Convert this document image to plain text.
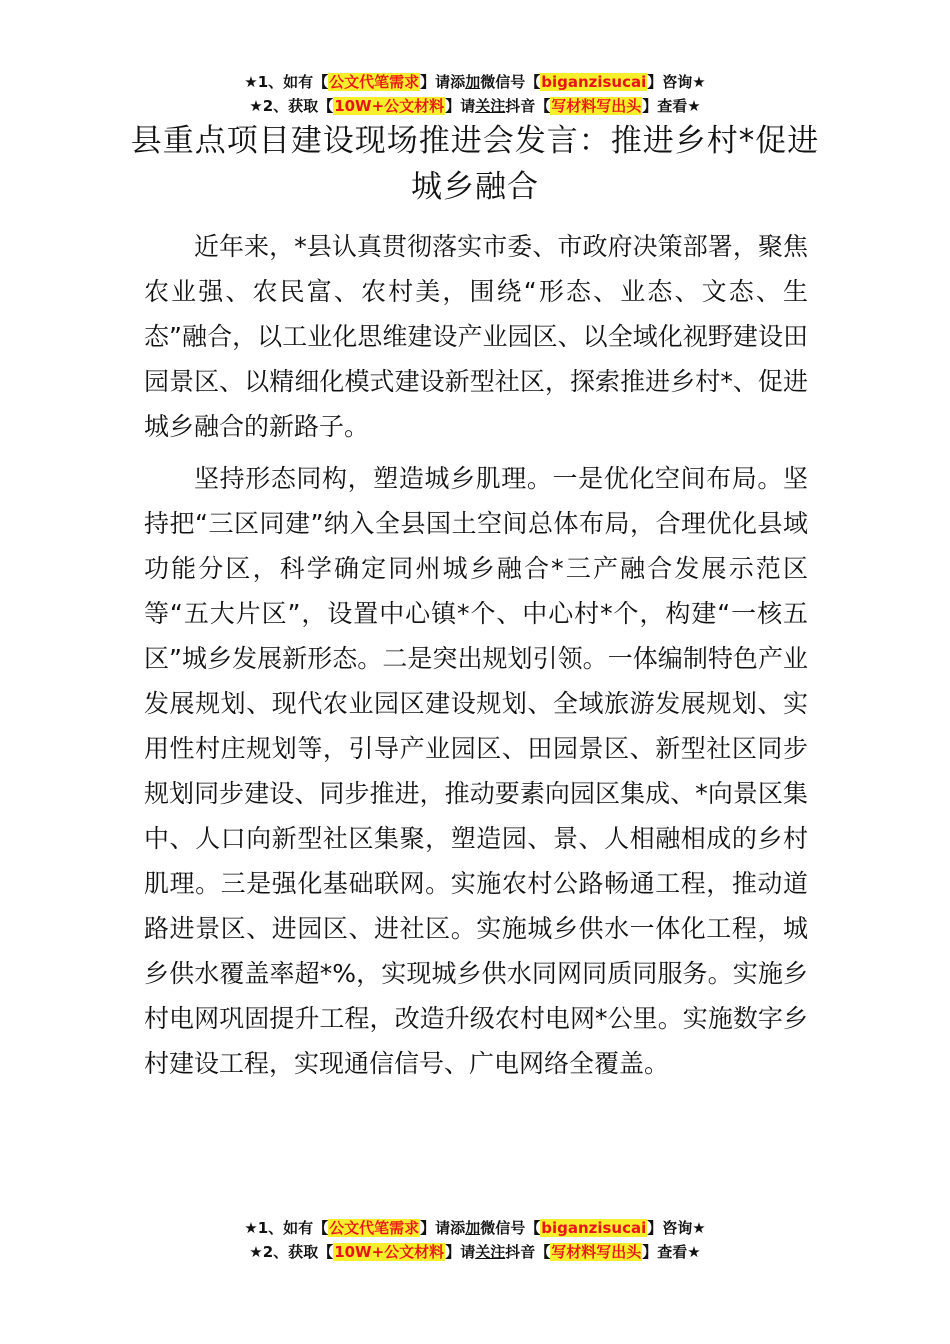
★1、如有【公文代笔需求】请添加微信号【biganzisucai】咨询★
★2、获取【10W+公文材料】请关注抖音【写材料写出头】查看★
县重点项目建设现场推进会发言：推进乡村*促进城乡融合

近年来，*县认真贯彻落实市委、市政府决策部署，聚焦农业强、农民富、农村美，围绕“形态、业态、文态、生态”融合，以工业化思维建设产业园区、以全域化视野建设田园景区、以精细化模式建设新型社区，探索推进乡村*、促进城乡融合的新路子。

坚持形态同构，塑造城乡肌理。一是优化空间布局。坚持把“三区同建”纳入全县国土空间总体布局，合理优化县域功能分区，科学确定同州城乡融合*三产融合发展示范区等“五大片区”，设置中心镇*个、中心村*个，构建“一核五区”城乡发展新形态。二是突出规划引领。一体编制特色产业发展规划、现代农业园区建设规划、全域旅游发展规划、实用性村庄规划等，引导产业园区、田园景区、新型社区同步规划同步建设、同步推进，推动要素向园区集成、*向景区集中、人口向新型社区集聚，塑造园、景、人相融相成的乡村肌理。三是强化基础联网。实施农村公路畅通工程，推动道路进景区、进园区、进社区。实施城乡供水一体化工程，城乡供水覆盖率超*%，实现城乡供水同网同质同服务。实施乡村电网巩固提升工程，改造升级农村电网*公里。实施数字乡村建设工程，实现通信信号、广电网络全覆盖。

★1、如有【公文代笔需求】请添加微信号【biganzisucai】咨询★
★2、获取【10W+公文材料】请关注抖音【写材料写出头】查看★
